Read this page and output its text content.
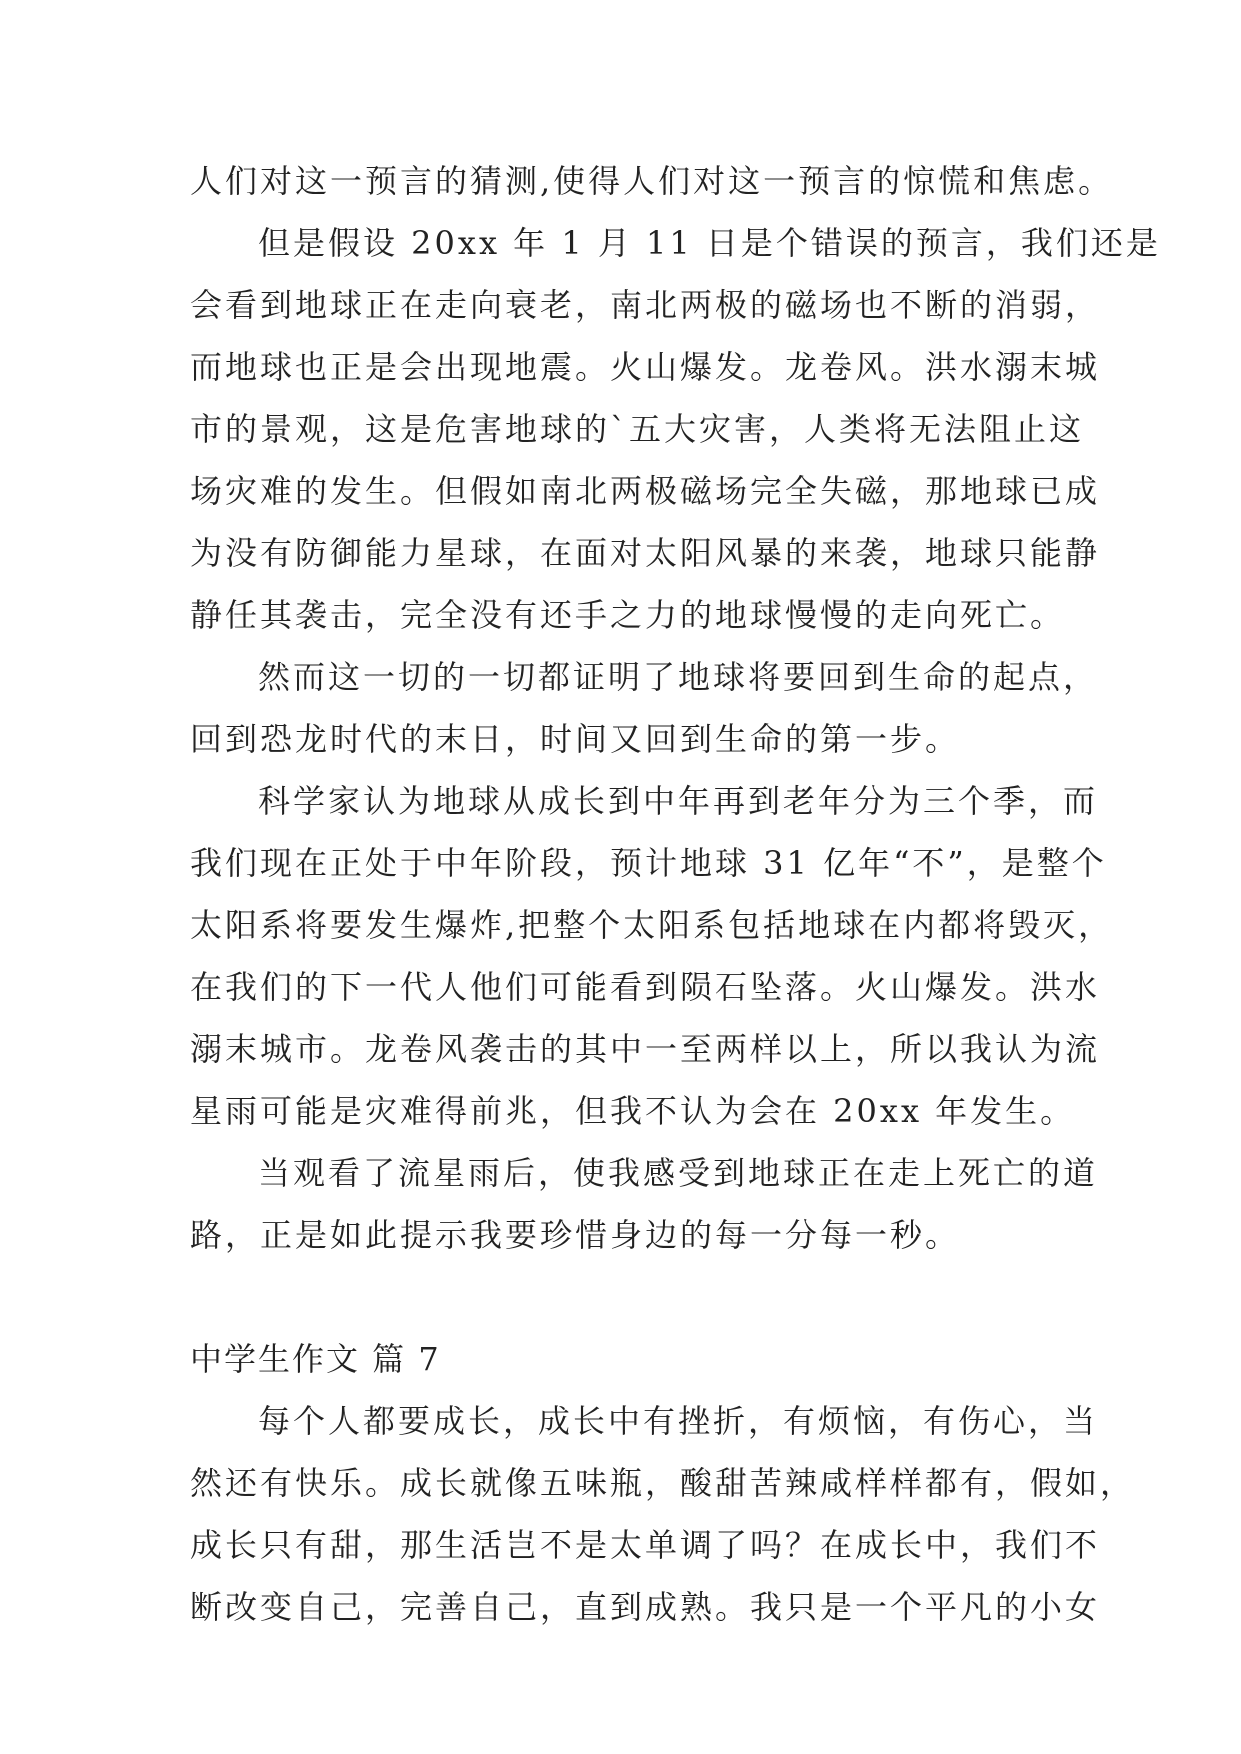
人们对这一预言的猜测,使得人们对这一预言的惊慌和焦虑。
但是假设 20xx 年 1 月 11 日是个错误的预言，我们还是
会看到地球正在走向衰老，南北两极的磁场也不断的消弱，
而地球也正是会出现地震。火山爆发。龙卷风。洪水溺末城
市的景观，这是危害地球的`五大灾害，人类将无法阻止这
场灾难的发生。但假如南北两极磁场完全失磁，那地球已成
为没有防御能力星球，在面对太阳风暴的来袭，地球只能静
静任其袭击，完全没有还手之力的地球慢慢的走向死亡。
然而这一切的一切都证明了地球将要回到生命的起点，
回到恐龙时代的末日，时间又回到生命的第一步。
科学家认为地球从成长到中年再到老年分为三个季，而
我们现在正处于中年阶段，预计地球 31 亿年“不”，是整个
太阳系将要发生爆炸,把整个太阳系包括地球在内都将毁灭，
在我们的下一代人他们可能看到陨石坠落。火山爆发。洪水
溺末城市。龙卷风袭击的其中一至两样以上，所以我认为流
星雨可能是灾难得前兆，但我不认为会在 20xx 年发生。
当观看了流星雨后，使我感受到地球正在走上死亡的道
路，正是如此提示我要珍惜身边的每一分每一秒。
中学生作文 篇 7
每个人都要成长，成长中有挫折，有烦恼，有伤心，当
然还有快乐。成长就像五味瓶，酸甜苦辣咸样样都有，假如，
成长只有甜，那生活岂不是太单调了吗？在成长中，我们不
断改变自己，完善自己，直到成熟。我只是一个平凡的小女
